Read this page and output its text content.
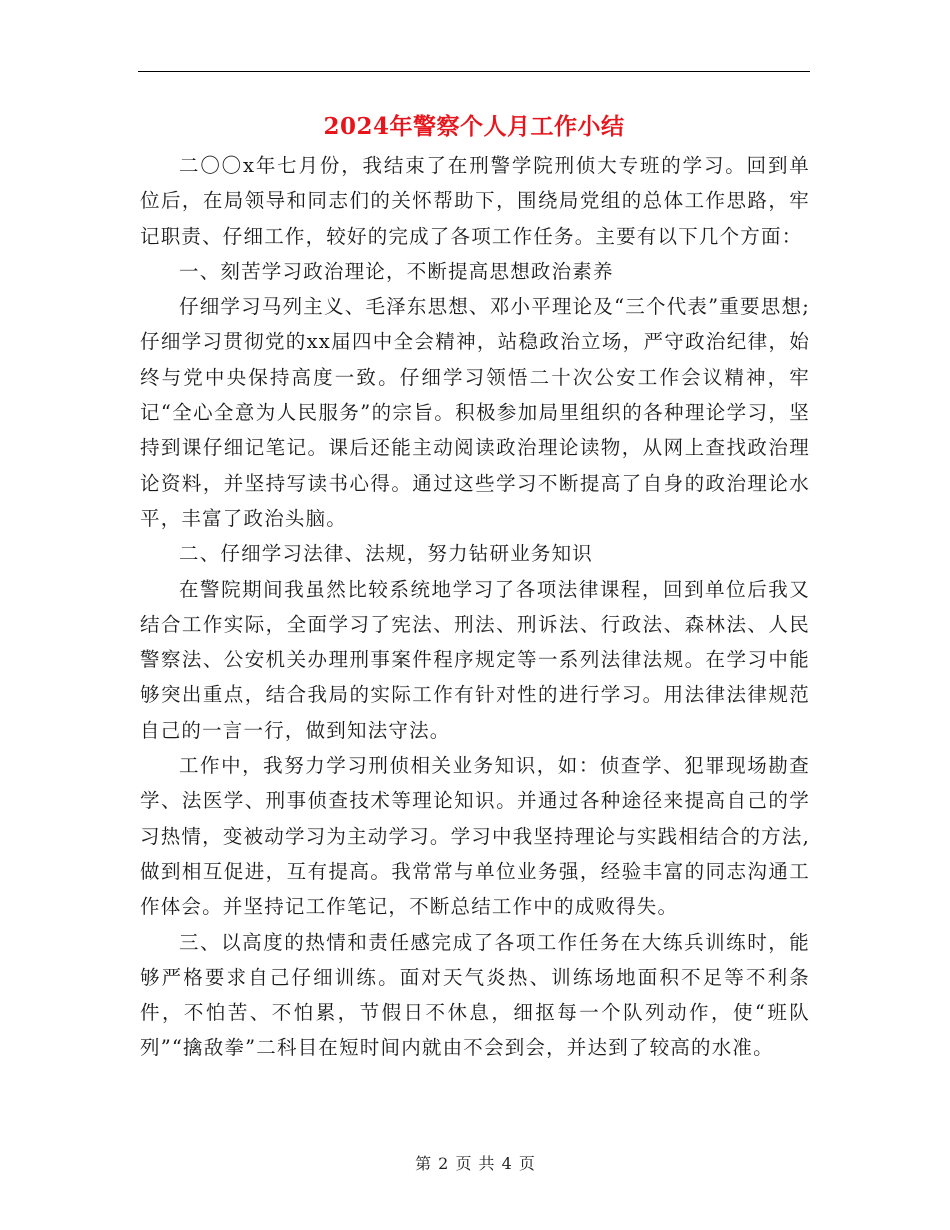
2024年警察个人月工作小结

二〇〇x年七月份，我结束了在刑警学院刑侦大专班的学习。回到单位后，在局领导和同志们的关怀帮助下，围绕局党组的总体工作思路，牢记职责、仔细工作，较好的完成了各项工作任务。主要有以下几个方面：

一、刻苦学习政治理论，不断提高思想政治素养

仔细学习马列主义、毛泽东思想、邓小平理论及“三个代表”重要思想;仔细学习贯彻党的xx届四中全会精神，站稳政治立场，严守政治纪律，始终与党中央保持高度一致。仔细学习领悟二十次公安工作会议精神，牢记“全心全意为人民服务”的宗旨。积极参加局里组织的各种理论学习，坚持到课仔细记笔记。课后还能主动阅读政治理论读物，从网上查找政治理论资料，并坚持写读书心得。通过这些学习不断提高了自身的政治理论水平，丰富了政治头脑。

二、仔细学习法律、法规，努力钻研业务知识

在警院期间我虽然比较系统地学习了各项法律课程，回到单位后我又结合工作实际，全面学习了宪法、刑法、刑诉法、行政法、森林法、人民警察法、公安机关办理刑事案件程序规定等一系列法律法规。在学习中能够突出重点，结合我局的实际工作有针对性的进行学习。用法律法律规范自己的一言一行，做到知法守法。

工作中，我努力学习刑侦相关业务知识，如：侦查学、犯罪现场勘查学、法医学、刑事侦查技术等理论知识。并通过各种途径来提高自己的学习热情，变被动学习为主动学习。学习中我坚持理论与实践相结合的方法,做到相互促进，互有提高。我常常与单位业务强，经验丰富的同志沟通工作体会。并坚持记工作笔记，不断总结工作中的成败得失。

三、以高度的热情和责任感完成了各项工作任务在大练兵训练时，能够严格要求自己仔细训练。面对天气炎热、训练场地面积不足等不利条件，不怕苦、不怕累，节假日不休息，细抠每一个队列动作，使“班队列”“擒敌拳”二科目在短时间内就由不会到会，并达到了较高的水准。

第 2 页 共 4 页
